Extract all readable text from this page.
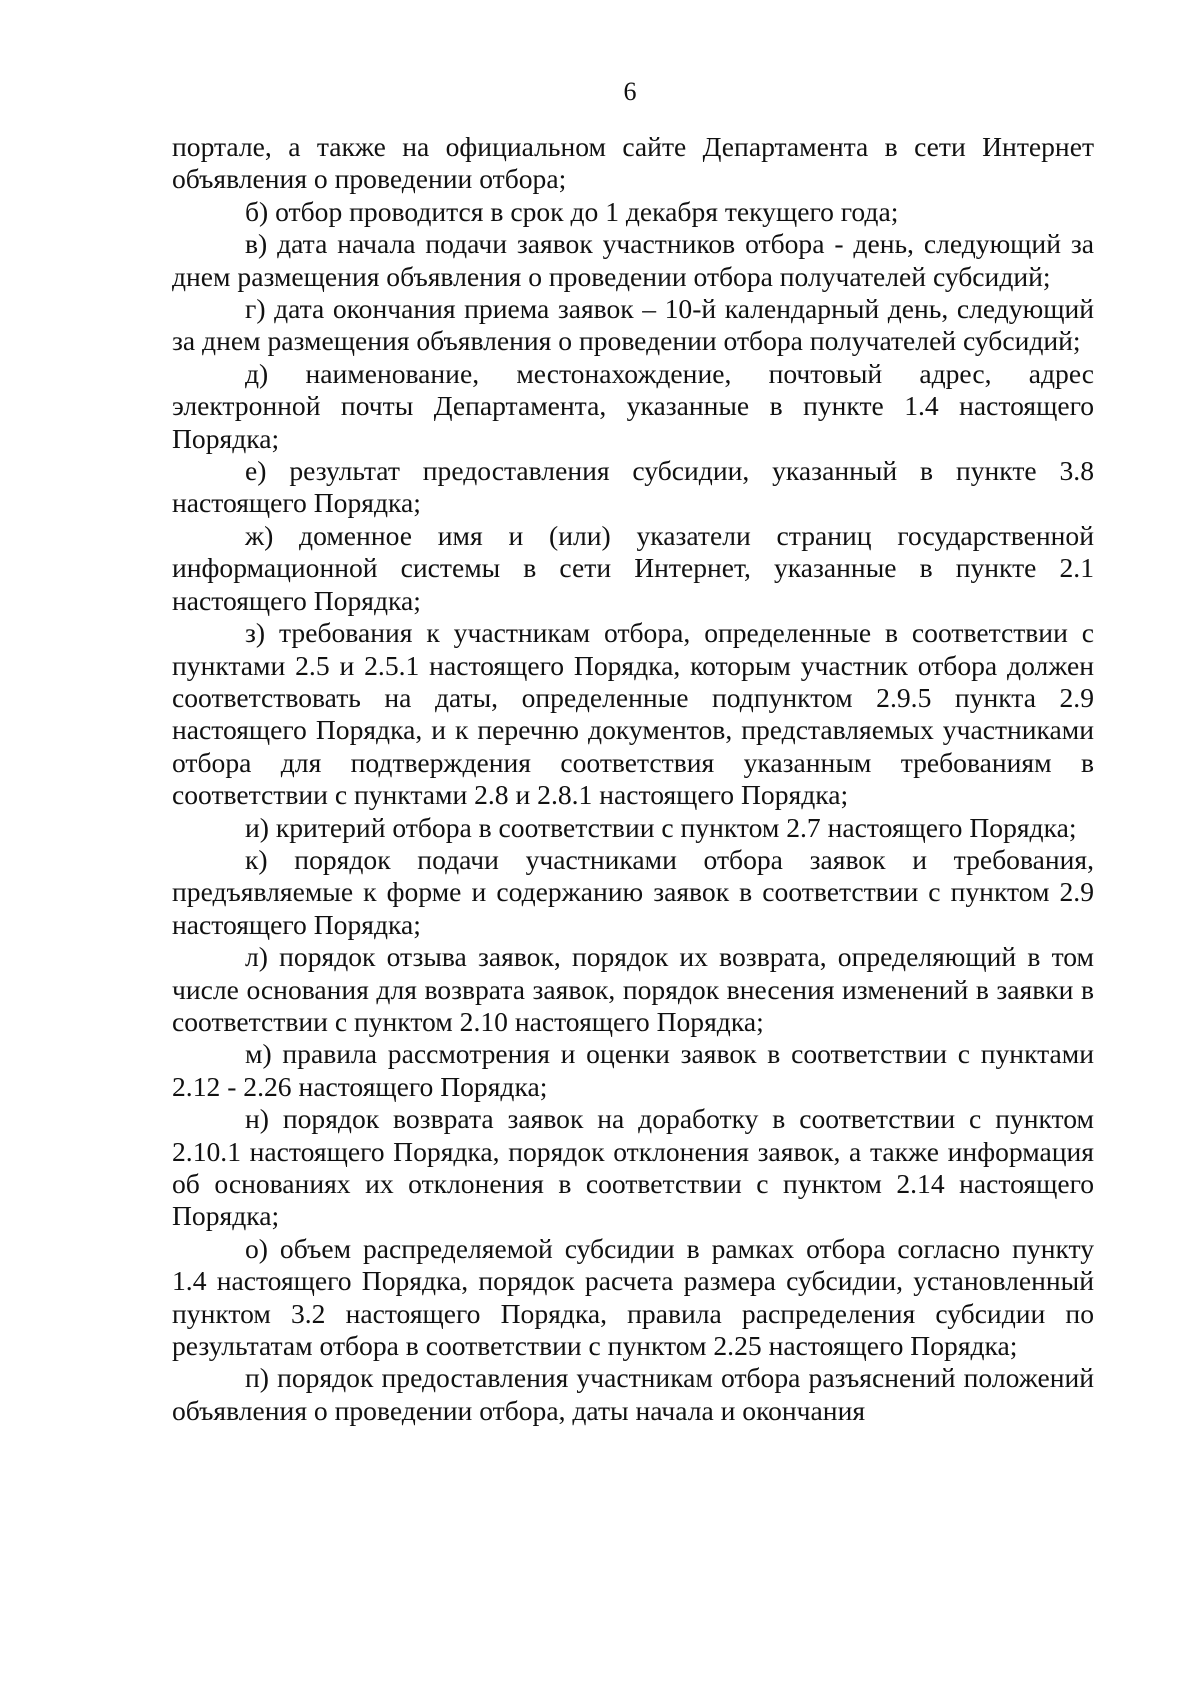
6

порталe, а также на официальном сайте Департамента в сети Интернет объявления о проведении отбора;

б) отбор проводится в срок до 1 декабря текущего года;

в) дата начала подачи заявок участников отбора - день, следующий за днем размещения объявления о проведении отбора получателей субсидий;

г) дата окончания приема заявок – 10-й календарный день, следующий за днем размещения объявления о проведении отбора получателей субсидий;

д) наименование, местонахождение, почтовый адрес, адрес электронной почты Департамента, указанные в пункте 1.4 настоящего Порядка;

е) результат предоставления субсидии, указанный в пункте 3.8 настоящего Порядка;

ж) доменное имя и (или) указатели страниц государственной информационной системы в сети Интернет, указанные в пункте 2.1 настоящего Порядка;

з) требования к участникам отбора, определенные в соответствии с пунктами 2.5 и 2.5.1 настоящего Порядка, которым участник отбора должен соответствовать на даты, определенные подпунктом 2.9.5 пункта 2.9 настоящего Порядка, и к перечню документов, представляемых участниками отбора для подтверждения соответствия указанным требованиям в соответствии с пунктами 2.8 и 2.8.1 настоящего Порядка;

и) критерий отбора в соответствии с пунктом 2.7 настоящего Порядка;

к) порядок подачи участниками отбора заявок и требования, предъявляемые к форме и содержанию заявок в соответствии с пунктом 2.9 настоящего Порядка;

л) порядок отзыва заявок, порядок их возврата, определяющий в том числе основания для возврата заявок, порядок внесения изменений в заявки в соответствии с пунктом 2.10 настоящего Порядка;

м) правила рассмотрения и оценки заявок в соответствии с пунктами 2.12 - 2.26 настоящего Порядка;

н) порядок возврата заявок на доработку в соответствии с пунктом 2.10.1 настоящего Порядка, порядок отклонения заявок, а также информация об основаниях их отклонения в соответствии с пунктом 2.14 настоящего Порядка;

о) объем распределяемой субсидии в рамках отбора согласно пункту 1.4 настоящего Порядка, порядок расчета размера субсидии, установленный пунктом 3.2 настоящего Порядка, правила распределения субсидии по результатам отбора в соответствии с пунктом 2.25 настоящего Порядка;

п) порядок предоставления участникам отбора разъяснений положений объявления о проведении отбора, даты начала и окончания
